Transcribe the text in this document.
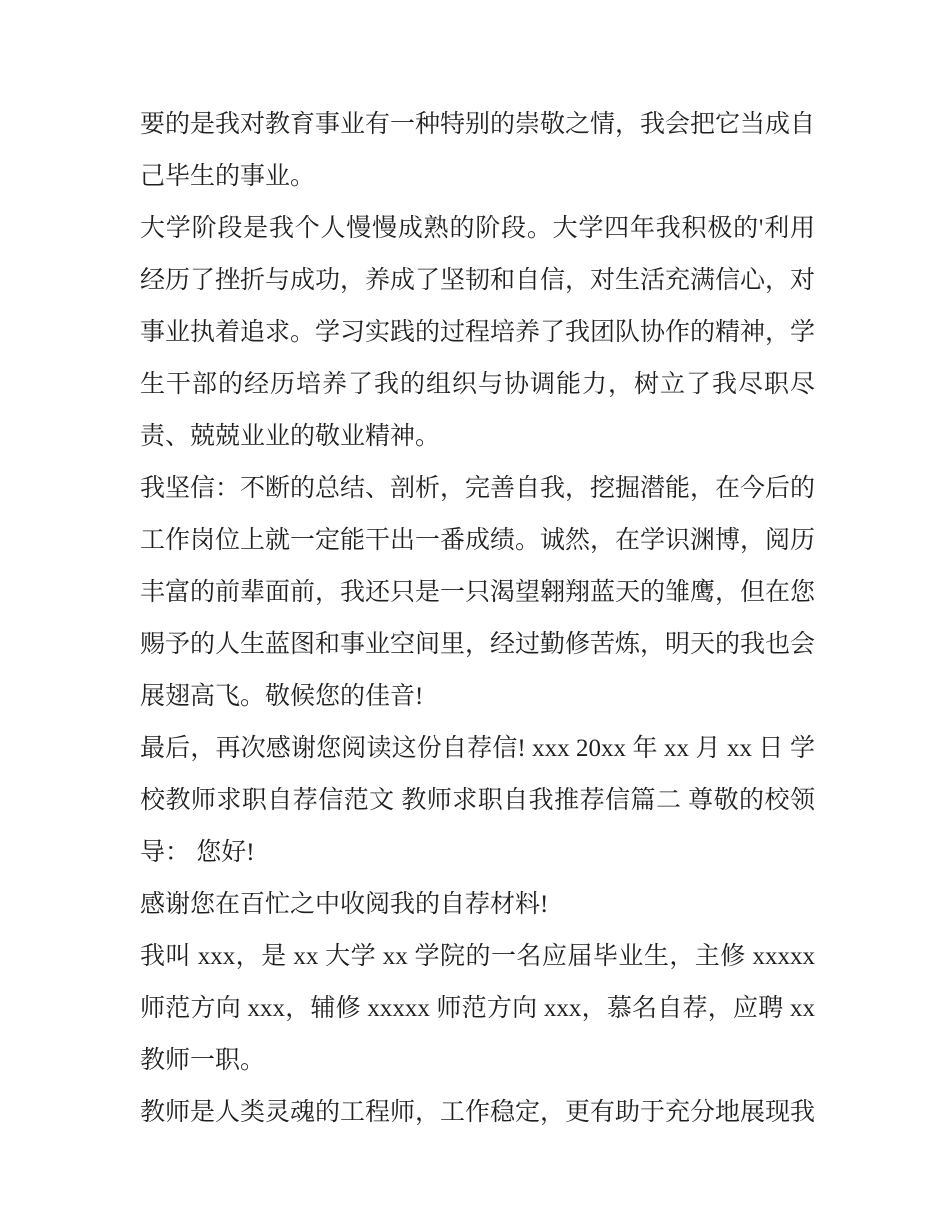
要的是我对教育事业有一种特别的崇敬之情，我会把它当成自
己毕生的事业。
大学阶段是我个人慢慢成熟的阶段。大学四年我积极的'利用
经历了挫折与成功，养成了坚韧和自信，对生活充满信心，对
事业执着追求。学习实践的过程培养了我团队协作的精神，学
生干部的经历培养了我的组织与协调能力，树立了我尽职尽
责、兢兢业业的敬业精神。
我坚信：不断的总结、剖析，完善自我，挖掘潜能，在今后的
工作岗位上就一定能干出一番成绩。诚然，在学识渊博，阅历
丰富的前辈面前，我还只是一只渴望翱翔蓝天的雏鹰，但在您
赐予的人生蓝图和事业空间里，经过勤修苦炼，明天的我也会
展翅高飞。敬候您的佳音!
最后，再次感谢您阅读这份自荐信! xxx 20xx 年 xx 月 xx 日 学
校教师求职自荐信范文 教师求职自我推荐信篇二 尊敬的校领
导： 您好!
感谢您在百忙之中收阅我的自荐材料!
我叫 xxx，是 xx 大学 xx 学院的一名应届毕业生，主修 xxxxx
师范方向 xxx，辅修 xxxxx 师范方向 xxx，慕名自荐，应聘 xx
教师一职。
教师是人类灵魂的工程师，工作稳定，更有助于充分地展现我
